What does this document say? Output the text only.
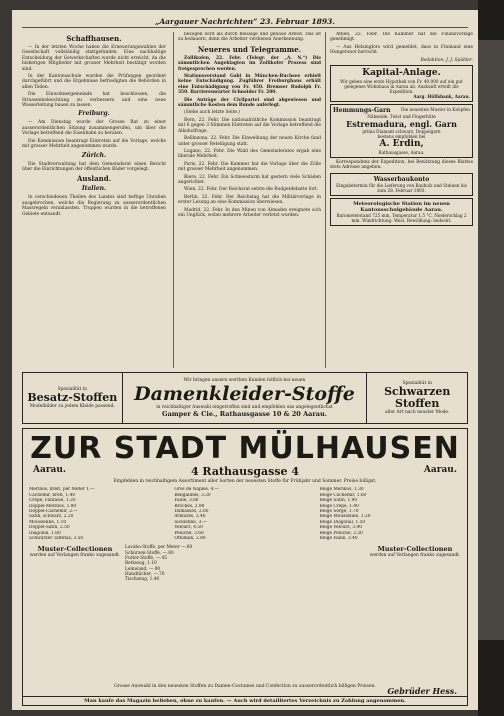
„Aargauer Nachrichten“ 23. Februar 1893.
Schaffhausen.

— In der letzten Woche haben die Erneuerungswahlen der Gesellschaft vollständig stattgefunden. Eine nachhaltige Entscheidung der Gewerkschaften wurde nicht erreicht, da die bisherigen Mitglieder mit grosser Mehrheit bestätigt worden sind.

In der Kantonsschule wurden die Prüfungen geordnet durchgeführt und die Ergebnisse befriedigten die Behörden in allen Teilen.

Die Einwohnergemeinde hat beschlossen, die Strassenbeleuchtung zu verbessern und eine neue Wasserleitung bauen zu lassen.

Freiburg.

— Am Dienstag wurde der Grosse Rat zu einer ausserordentlichen Sitzung zusammengerufen, um über die Vorlage betreffend die Eisenbahn zu beraten.

Die Kommission beantragt Eintreten auf die Vorlage, welche mit grosser Mehrheit angenommen wurde.

Zürich.

Die Stadtverwaltung hat dem Gemeinderat einen Bericht über die Einrichtungen der öffentlichen Bäder vorgelegt.

Ausland.
Italien.

In verschiedenen Theilen des Landes sind heftige Unruhen ausgebrochen, welche die Regierung zu ausserordentlichen Massregeln veranlassten. Truppen wurden in die betroffenen Gebiete entsandt.

bezogen wird als durch fleissige und genaue Arbeit. Das ist zu bedauern, denn die Arbeiter verdienen Anerkennung.

Neueres und Telegramme.

Zollikofen, 22. Febr. (Telegr. der „A. N.“) Die sämmtlichen Angeklagten im Zollikofer Prozess sind freigesprochen worden.

Stationsvorstand Gabi in München-Buchsee erhielt keine Entschädigung. Zugführer Freiburghaus erhält eine Entschädigung von Fr. 450. Bremser Rudolph Fr. 350. Barrierenwärter Schneider Fr. 200.

Die Anträge der Civilpartei sind abgewiesen und sämmtliche Kosten dem Bunde auferlegt.

(Siehe auch letzte Seite.)

Bern, 22. Febr. Die nationalrätliche Kommission beantragt mit 6 gegen 3 Stimmen Eintreten auf die Vorlage betreffend die Alkoholfrage.

Bellinzona, 22. Febr. Die Einweihung der neuen Kirche fand unter grosser Beteiligung statt.

Lugano, 22. Febr. Die Wahl des Gemeinderates ergab eine liberale Mehrheit.

Paris, 22. Febr. Die Kammer hat die Vorlage über die Zölle mit grosser Mehrheit angenommen.

Biere, 22. Febr. Ein Schneesturm hat gestern viele Schäden angerichtet.

Wien, 22. Febr. Der Reichsrat setzte die Budgetdebatte fort.

Berlin, 22. Febr. Der Reichstag hat die Militärvorlage in erster Lesung an eine Kommission überwiesen.

Madrid, 22. Febr. In den Minen von Almaden ereignete sich ein Unglück, wobei mehrere Arbeiter verletzt wurden.

Athen, 22. Febr. Die Kammer hat die Finanzvorlage genehmigt.

— Aus Helsingfors wird gemeldet, dass in Finnland eine Hungersnot herrscht.

Redaktion: J. J. Spühler.

Kapital-Anlage.
Wir geben eine erste Hypothek von Fr. 40,000 auf ein gut gelegenes Wohnhaus in Aarau ab. Auskunft erteilt die Expedition.
Aarg. Hülfsbank, Aarau.
Hemmungs-Garn	Die neuesten Muster in Knöpfen
Nähseide, Twist und Fingerhüte
Estremadura, engl. Garn
prima Diamant schwarz, Doppelgarn
bestens empfohlen bei
A. Erdin,
Rathausgasse, Aarau.

Korrespondenz der Expedition, bei Benützung dieses Blattes stets Adresse angeben.

Wasserbaukonto
Eingabetermin für die Lieferung von Bauholz und Steinen bis zum 28. Februar 1893.
Meteorologische Station im neuen Kantonsschulgebäude Aarau.
Barometerstand 725 mm, Temperatur 1,5 °C, Niederschlag 2 mm. Windrichtung: West. Bewölkung: bedeckt.
Spezialität in
Besatz-Stoffen
Modelbilder zu jedem Kleide passend.
Wir bringen unsern werthen Kunden höflich bei neuen
Damenkleider-Stoffe
in reichhaltiger Auswahl eingetroffen sind und empfehlen uns angelegentlichst
Gamper & Cie., Rathausgasse 10 & 20 Aarau.
Spezialität in
Schwarzen Stoffen
aller Art nach neuster Mode.
ZUR STADT MÜLHAUSEN
Aarau.	4 Rathausgasse 4	Aarau.
Empfehlen in reichhaltigem Assortiment aller Sorten der neuesten Stoffe für Frühjahr und Sommer. Preise billigst.
Merinos, breit, per Meter 1.—
Cachemir, breit, 1.40
Crêpe, Fantasie, 1.20
Doppel-Merinos, 1.80
Doppel-Cachemir, 2.—
Satin, schwarz, 2.20
Mousseline, 1.10
Doppel-Satin, 2.50
Diagonal, 1.60
Schwarzer Taffetas, 3.50
Gros de Naples, 4.—
Bengalines, 3.20
Faille, 3.80
Brochés, 2.90
Damassés, 2.60
Armures, 2.40
Sicilienne, 3.—
Velours, 4.50
Peluche, 3.60
Ottoman, 2.80
Beige Merinos, 1.30
Beige Cachemir, 1.60
Beige Satin, 1.90
Beige Crêpe, 1.40
Beige Serge, 1.70
Beige Mousseline, 1.20
Beige Diagonal, 1.50
Beige Velours, 3.90
Beige Peluche, 3.20
Beige Faille, 3.40
Muster-Collectionen
werden auf Verlangen franko zugesandt.
Lavabo-Stoffe, per Meter —.60
Schürzen-Stoffe, —.80
Futter-Stoffe, —.45
Bettzeug, 1.10
Leinwand, —.90
Handtücher, —.70
Tischzeug, 1.40
Muster-Collectionen
werden auf Verlangen franko zugesandt.
Grosse Auswahl in den neuesten Stoffen zu Damen-Costumes und Confection zu ausserordentlich billigen Preisen.	Gebrüder Hess.
Man kaufe das Magazin belieben, ohne zu kaufen. — Auch wird detailliertes Verzeichnis zu Zahlung angenommen.
